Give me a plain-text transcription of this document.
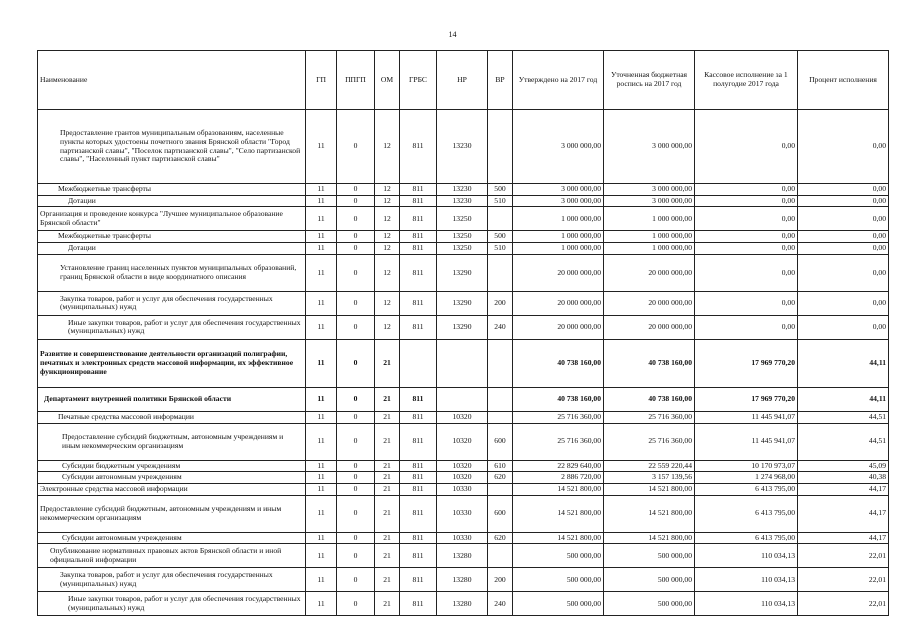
14
Наименование	ГП	ППГП	ОМ	ГРБС	НР	ВР	Утверждено на 2017 год	Уточненная бюджетная роспись на 2017 год	Кассовое исполнение за 1 полугодие 2017 года	Процент исполнения
Предоставление грантов муниципальным образованиям, населенные пункты которых удостоены почетного звания Брянской области "Город партизанской славы", "Поселок партизанской славы", "Село партизанской славы", "Населенный пункт партизанской славы"	11	0	12	811	13230		3 000 000,00	3 000 000,00	0,00	0,00
Межбюджетные трансферты	11	0	12	811	13230	500	3 000 000,00	3 000 000,00	0,00	0,00
Дотации	11	0	12	811	13230	510	3 000 000,00	3 000 000,00	0,00	0,00
Организация и проведение конкурса "Лучшее муниципальное образование Брянской области"	11	0	12	811	13250		1 000 000,00	1 000 000,00	0,00	0,00
Межбюджетные трансферты	11	0	12	811	13250	500	1 000 000,00	1 000 000,00	0,00	0,00
Дотации	11	0	12	811	13250	510	1 000 000,00	1 000 000,00	0,00	0,00
Установление границ населенных пунктов муниципальных образований, границ Брянской области в виде координатного описания	11	0	12	811	13290		20 000 000,00	20 000 000,00	0,00	0,00
Закупка товаров, работ и услуг для обеспечения государственных (муниципальных) нужд	11	0	12	811	13290	200	20 000 000,00	20 000 000,00	0,00	0,00
Иные закупки товаров, работ и услуг для обеспечения государственных (муниципальных) нужд	11	0	12	811	13290	240	20 000 000,00	20 000 000,00	0,00	0,00
Развитие и совершенствование деятельности организаций полиграфии, печатных и электронных средств массовой информации, их эффективное функционирование	11	0	21				40 738 160,00	40 738 160,00	17 969 770,20	44,11
Департамент внутренней политики Брянской области	11	0	21	811			40 738 160,00	40 738 160,00	17 969 770,20	44,11
Печатные средства массовой информации	11	0	21	811	10320		25 716 360,00	25 716 360,00	11 445 941,07	44,51
Предоставление субсидий бюджетным, автономным учреждениям и иным некоммерческим организациям	11	0	21	811	10320	600	25 716 360,00	25 716 360,00	11 445 941,07	44,51
Субсидии бюджетным учреждениям	11	0	21	811	10320	610	22 829 640,00	22 559 220,44	10 170 973,07	45,09
Субсидии автономным учреждениям	11	0	21	811	10320	620	2 886 720,00	3 157 139,56	1 274 968,00	40,38
Электронные средства массовой информации	11	0	21	811	10330		14 521 800,00	14 521 800,00	6 413 795,00	44,17
Предоставление субсидий бюджетным, автономным учреждениям и иным некоммерческим организациям	11	0	21	811	10330	600	14 521 800,00	14 521 800,00	6 413 795,00	44,17
Субсидии автономным учреждениям	11	0	21	811	10330	620	14 521 800,00	14 521 800,00	6 413 795,00	44,17
Опубликование нормативных правовых актов Брянской области и иной официальной информации	11	0	21	811	13280		500 000,00	500 000,00	110 034,13	22,01
Закупка товаров, работ и услуг для обеспечения государственных (муниципальных) нужд	11	0	21	811	13280	200	500 000,00	500 000,00	110 034,13	22,01
Иные закупки товаров, работ и услуг для обеспечения государственных (муниципальных) нужд	11	0	21	811	13280	240	500 000,00	500 000,00	110 034,13	22,01
